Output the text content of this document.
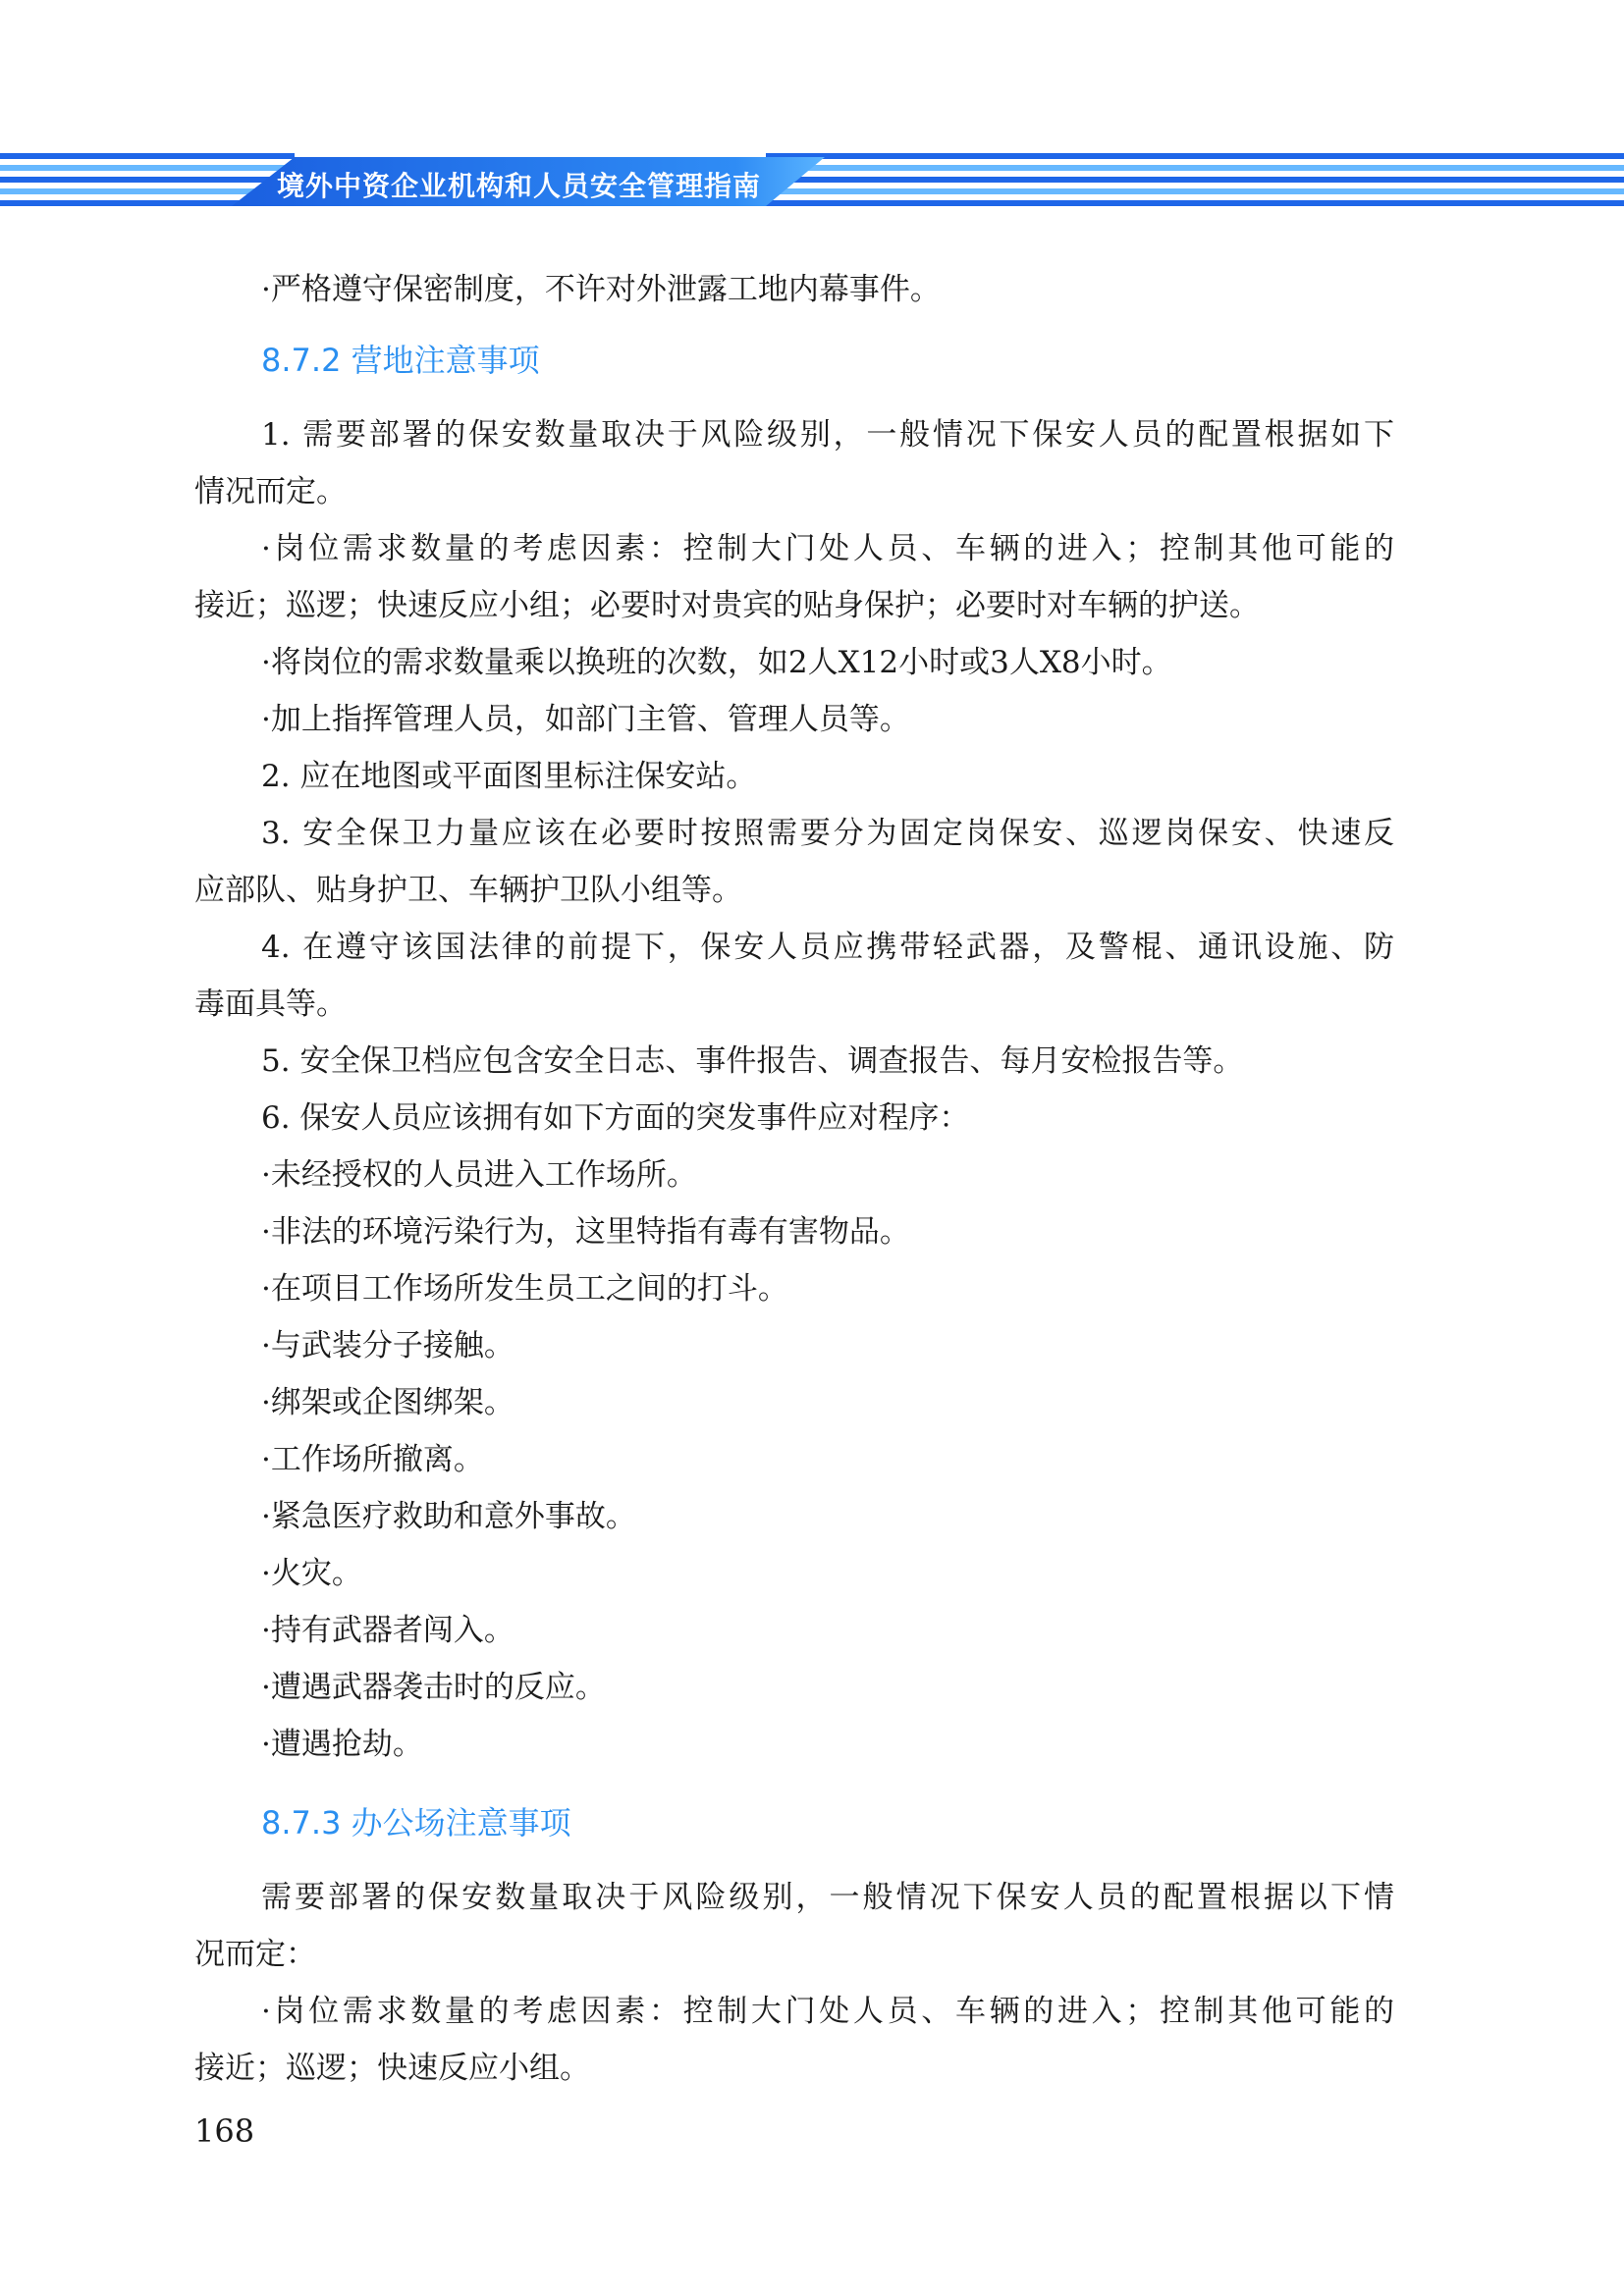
境外中资企业机构和人员安全管理指南
·严格遵守保密制度，不许对外泄露工地内幕事件。
8.7.2 营地注意事项
1. 需要部署的保安数量取决于风险级别，一般情况下保安人员的配置根据如下
情况而定。
·岗位需求数量的考虑因素：控制大门处人员、车辆的进入；控制其他可能的
接近；巡逻；快速反应小组；必要时对贵宾的贴身保护；必要时对车辆的护送。
·将岗位的需求数量乘以换班的次数，如2人X12小时或3人X8小时。
·加上指挥管理人员，如部门主管、管理人员等。
2. 应在地图或平面图里标注保安站。
3. 安全保卫力量应该在必要时按照需要分为固定岗保安、巡逻岗保安、快速反
应部队、贴身护卫、车辆护卫队小组等。
4. 在遵守该国法律的前提下，保安人员应携带轻武器，及警棍、通讯设施、防
毒面具等。
5. 安全保卫档应包含安全日志、事件报告、调查报告、每月安检报告等。
6. 保安人员应该拥有如下方面的突发事件应对程序：
·未经授权的人员进入工作场所。
·非法的环境污染行为，这里特指有毒有害物品。
·在项目工作场所发生员工之间的打斗。
·与武装分子接触。
·绑架或企图绑架。
·工作场所撤离。
·紧急医疗救助和意外事故。
·火灾。
·持有武器者闯入。
·遭遇武器袭击时的反应。
·遭遇抢劫。
8.7.3 办公场注意事项
需要部署的保安数量取决于风险级别，一般情况下保安人员的配置根据以下情
况而定：
·岗位需求数量的考虑因素：控制大门处人员、车辆的进入；控制其他可能的
接近；巡逻；快速反应小组。
168
